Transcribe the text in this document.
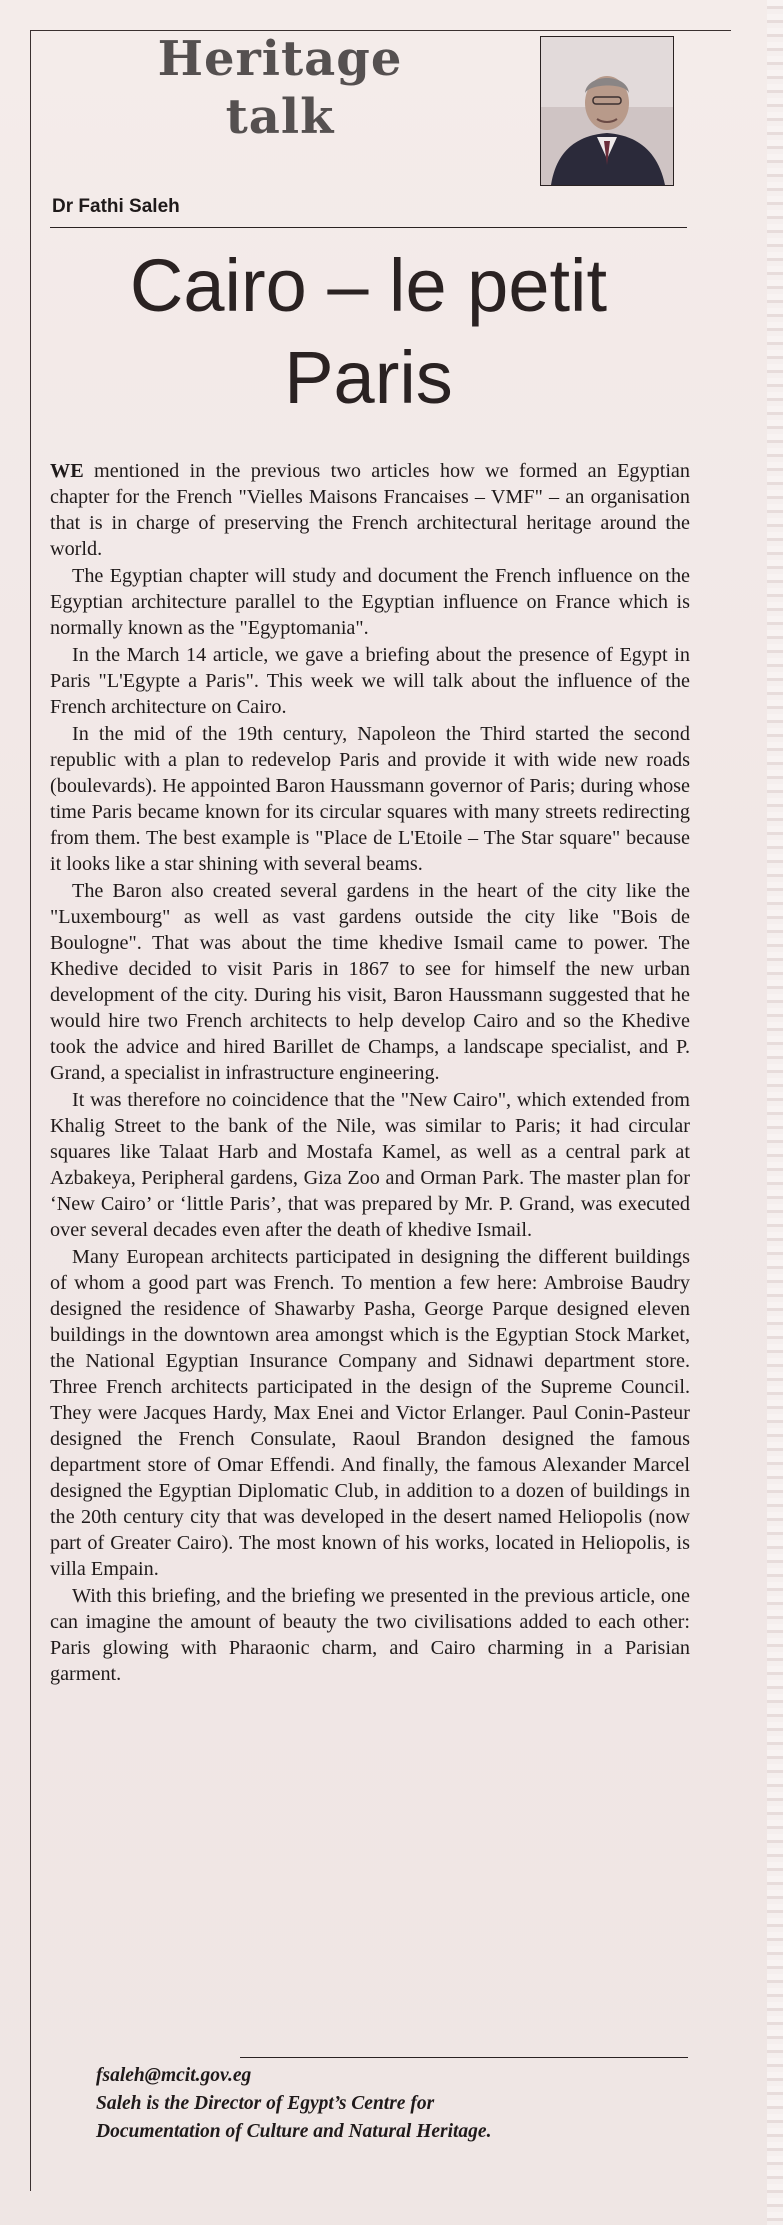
Heritage
talk
Dr Fathi Saleh
Cairo – le petit
Paris

WE mentioned in the previous two articles how we formed an Egyptian chapter for the French "Vielles Maisons Francaises – VMF" – an organisation that is in charge of preserving the French architectural heritage around the world.

The Egyptian chapter will study and document the French influence on the Egyptian architecture parallel to the Egyptian influence on France which is normally known as the "Egyptomania".

In the March 14 article, we gave a briefing about the presence of Egypt in Paris "L'Egypte a Paris". This week we will talk about the influence of the French architecture on Cairo.

In the mid of the 19th century, Napoleon the Third started the second republic with a plan to redevelop Paris and provide it with wide new roads (boulevards). He appointed Baron Haussmann governor of Paris; during whose time Paris became known for its circular squares with many streets redirecting from them. The best example is "Place de L'Etoile – The Star square" because it looks like a star shining with several beams.

The Baron also created several gardens in the heart of the city like the "Luxembourg" as well as vast gardens outside the city like "Bois de Boulogne". That was about the time khedive Ismail came to power. The Khedive decided to visit Paris in 1867 to see for himself the new urban development of the city. During his visit, Baron Haussmann suggested that he would hire two French architects to help develop Cairo and so the Khedive took the advice and hired Barillet de Champs, a landscape specialist, and P. Grand, a specialist in infrastructure engineering.

It was therefore no coincidence that the "New Cairo", which extended from Khalig Street to the bank of the Nile, was similar to Paris; it had circular squares like Talaat Harb and Mostafa Kamel, as well as a central park at Azbakeya, Peripheral gardens, Giza Zoo and Orman Park. The master plan for ‘New Cairo’ or ‘little Paris’, that was prepared by Mr. P. Grand, was executed over several decades even after the death of khedive Ismail.

Many European architects participated in designing the different buildings of whom a good part was French. To mention a few here: Ambroise Baudry designed the residence of Shawarby Pasha, George Parque designed eleven buildings in the downtown area amongst which is the Egyptian Stock Market, the National Egyptian Insurance Company and Sidnawi department store. Three French architects participated in the design of the Supreme Council. They were Jacques Hardy, Max Enei and Victor Erlanger. Paul Conin-Pasteur designed the French Consulate, Raoul Brandon designed the famous department store of Omar Effendi. And finally, the famous Alexander Marcel designed the Egyptian Diplomatic Club, in addition to a dozen of buildings in the 20th century city that was developed in the desert named Heliopolis (now part of Greater Cairo). The most known of his works, located in Heliopolis, is villa Empain.

With this briefing, and the briefing we presented in the previous article, one can imagine the amount of beauty the two civilisations added to each other: Paris glowing with Pharaonic charm, and Cairo charming in a Parisian garment.

fsaleh@mcit.gov.eg
Saleh is the Director of Egypt’s Centre for
Documentation of Culture and Natural Heritage.
